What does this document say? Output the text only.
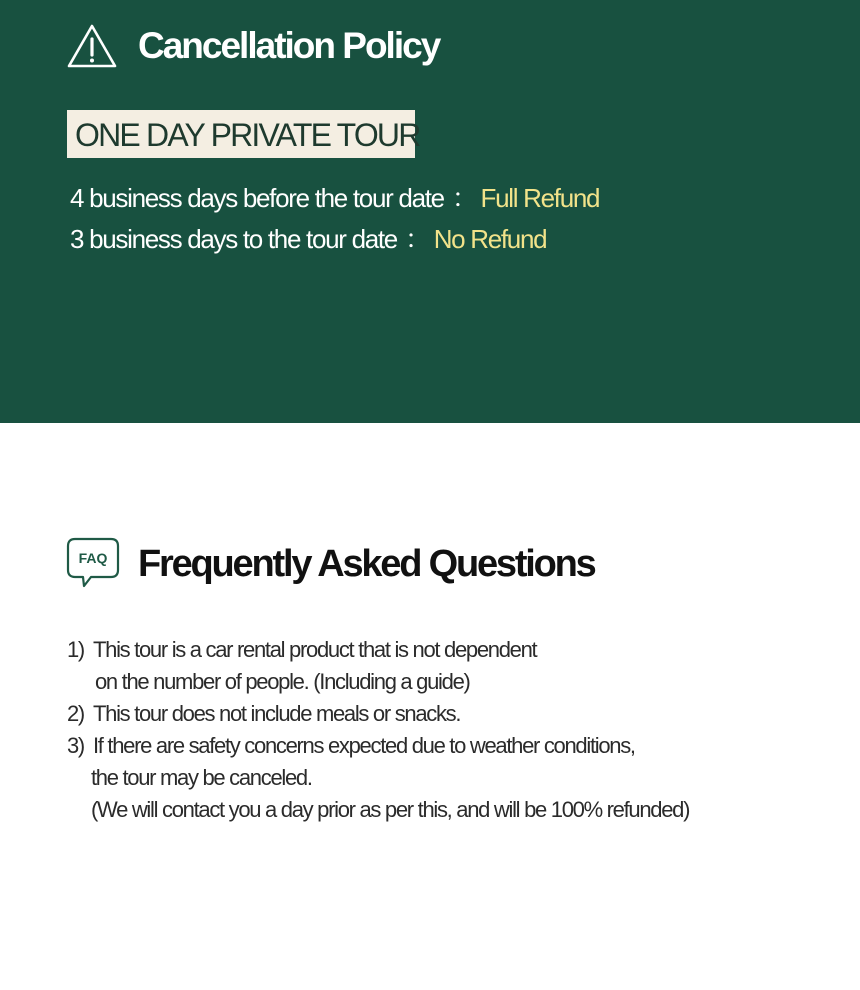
Cancellation Policy
ONE DAY PRIVATE TOUR
4 business days before the tour date ： Full Refund
3 business days to the tour date ： No Refund
FAQ Frequently Asked Questions
1) This tour is a car rental product that is not dependent
on the number of people. (Including a guide)
2) This tour does not include meals or snacks.
3) If there are safety concerns expected due to weather conditions,
the tour may be canceled.
(We will contact you a day prior as per this, and will be 100% refunded)
